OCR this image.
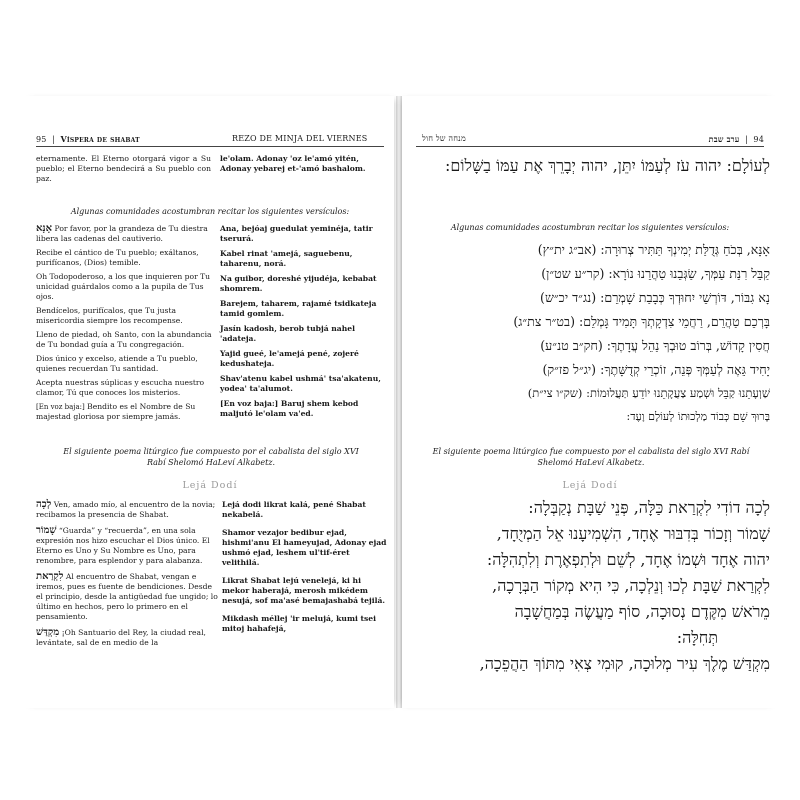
95  |  Víspera de shabat	REZO DE MINJA DEL VIERNES
eternamente. El Eterno otorgará vigor a Su pueblo; el Eterno bendecirá a Su pueblo con paz.
le'olam. Adonay 'oz le'amó yitén, Adonay yebarej et-'amó bashalom.
Algunas comunidades acostumbran recitar los siguientes versículos:
אָנָּא Por favor, por la grandeza de Tu diestra libera las cadenas del cautiverio.
Recibe el cántico de Tu pueblo; exáltanos, purifícanos, (Dios) temible.
Oh Todopoderoso, a los que inquieren por Tu unicidad guárdalos como a la pupila de Tus ojos.
Bendícelos, purifícalos, que Tu justa misericordia siempre los recompense.
Lleno de piedad, oh Santo, con la abundancia de Tu bondad guía a Tu congregación.
Dios único y excelso, atiende a Tu pueblo, quienes recuerdan Tu santidad.
Acepta nuestras súplicas y escucha nuestro clamor, Tú que conoces los misterios.
[En voz baja:] Bendito es el Nombre de Su majestad gloriosa por siempre jamás.
Ana, bejóaj guedulat yeminéja, tatir tserurá.
Kabel rinat 'amejá, saguebenu, taharenu, norá.
Na guibor, doreshé yijudéja, kebabat shomrem.
Barejem, taharem, rajamé tsidkateja tamid gomlem.
Jasín kadosh, berob tubjá nahel 'adateja.
Yajid gueé, le'amejá pené, zojeré kedushateja.
Shav'atenu kabel ushmá' tsa'akatenu, yodea' ta'alumot.
[En voz baja:] Baruj shem kebod maljutó le'olam va'ed.
El siguiente poema litúrgico fue compuesto por el cabalista del siglo XVI Rabí Shelomó HaLeví Alkabetz.
Lejá Dodí
לְכָה Ven, amado mío, al encuentro de la novia; recibamos la presencia de Shabat.
שָׁמוֹר “Guarda” y “recuerda”, en una sola expresión nos hizo escuchar el Dios único. El Eterno es Uno y Su Nombre es Uno, para renombre, para esplendor y para alabanza.
לִקְרַאת Al encuentro de Shabat, vengan e iremos, pues es fuente de bendiciones. Desde el principio, desde la antigüedad fue ungido; lo último en hechos, pero lo primero en el pensamiento.
מִקְדַּשׁ ¡Oh Santuario del Rey, la ciudad real, levántate, sal de en medio de la
Lejá dodi likrat kalá, pené Shabat nekabelá.
Shamor vezajor bedibur ejad, hishmi'anu El hameyujad, Adonay ejad ushmó ejad, leshem ul'tif-éret velithilá.
Likrat Shabat lejú venelejá, ki hi mekor haberajá, merosh mikédem nesujá, sof ma'asé bemajashabá tejilá.
Mikdash méllej 'ir melujá, kumi tsei mitoj hahafejá,
מנחה של חול	94  |  ערב שבת
לְעוֹלָם: יהוה עֹז לְעַמּוֹ יִתֵּן, יהוה יְבָרֵךְ אֶת עַמּוֹ בַשָּׁלוֹם:
Algunas comunidades acostumbran recitar los siguientes versículos:
אָנָּא, בְּכֹחַ גְּדֻלַּת יְמִינְךָ תַּתִּיר צְרוּרָה: (אב״ג ית״ץ)
קַבֵּל רִנַּת עַמְּךָ, שַׂגְּבֵנוּ טַהֲרֵנוּ נוֹרָא: (קר״ע שט״ן)
נָא גִבּוֹר, דּוֹרְשֵׁי יִחוּדְךָ כְּבָבַת שָׁמְרֵם: (נג״ד יכ״ש)
בָּרְכֵם טַהֲרֵם, רַחֲמֵי צִדְקָתְךָ תָּמִיד גָּמְלֵם: (בט״ר צת״ג)
חֲסִין קָדוֹשׁ, בְּרוֹב טוּבְךָ נַהֵל עֲדָתֶךָ: (חק״ב טנ״ע)
יָחִיד גֵּאֶה לְעַמְּךָ פְּנֵה, זוֹכְרֵי קְדֻשָּׁתֶךָ: (יג״ל פז״ק)
שַׁוְעָתֵנוּ קַבֵּל וּשְׁמַע צַעֲקָתֵנוּ יוֹדֵעַ תַּעֲלוּמוֹת: (שק״ו צי״ת)
בָּרוּךְ שֵׁם כְּבוֹד מַלְכוּתוֹ לְעוֹלָם וָעֶד:
El siguiente poema litúrgico fue compuesto por el cabalista del siglo XVI Rabí Shelomó HaLeví Alkabetz.
Lejá Dodí
לְכָה דוֹדִי לִקְרַאת כַּלָּה, פְּנֵי שַׁבָּת נְקַבְּלָה:
שָׁמוֹר וְזָכוֹר בְּדִבּוּר אֶחָד, הִשְׁמִיעָנוּ אֵל הַמְיֻחָד,
יהוה אֶחָד וּשְׁמוֹ אֶחָד, לְשֵׁם וּלְתִפְאֶרֶת וְלִתְהִלָּה:
לִקְרַאת שַׁבָּת לְכוּ וְנֵלְכָה, כִּי הִיא מְקוֹר הַבְּרָכָה,
מֵרֹאשׁ מִקֶּדֶם נְסוּכָה, סוֹף מַעֲשֶׂה בְּמַחֲשָׁבָה
תְּחִלָּה:
מִקְדַּשׁ מֶלֶךְ עִיר מְלוּכָה, קוּמִי צְאִי מִתּוֹךְ הַהֲפֵכָה,
